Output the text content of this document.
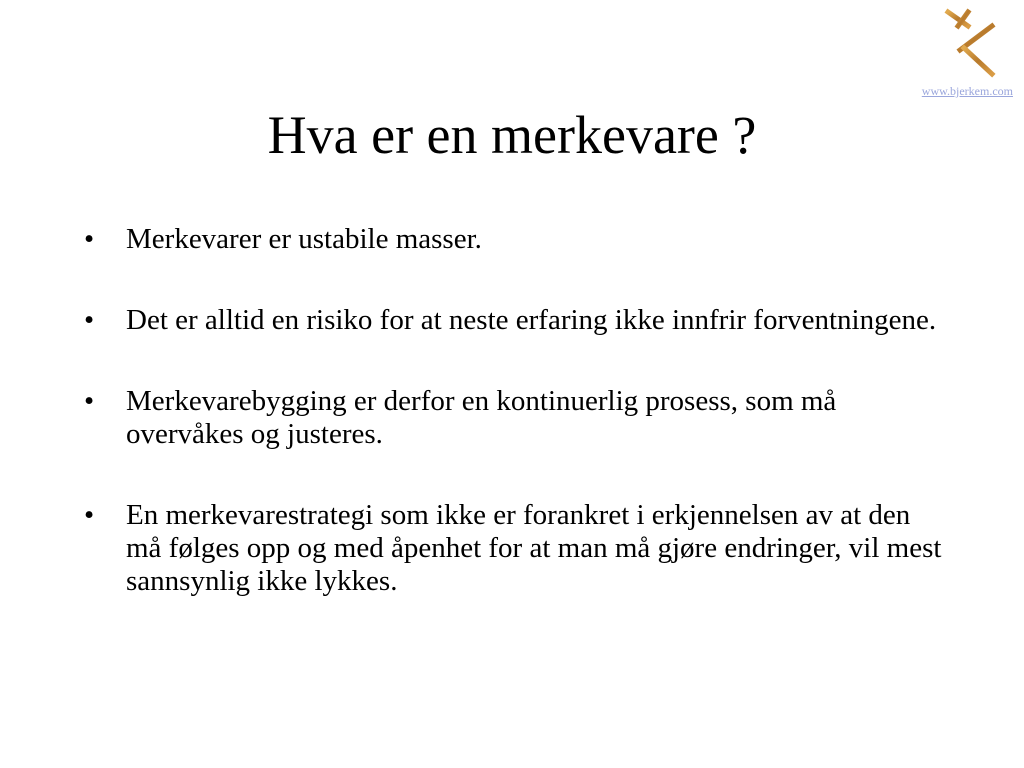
www.bjerkem.com
Hva er en merkevare ?
• Merkevarer er ustabile masser.
• Det er alltid en risiko for at neste erfaring ikke innfrir forventningene.
• Merkevarebygging er derfor en kontinuerlig prosess, som må overvåkes og justeres.
• En merkevarestrategi som ikke er forankret i erkjennelsen av at den må følges opp og med åpenhet for at man må gjøre endringer, vil mest sannsynlig ikke lykkes.
